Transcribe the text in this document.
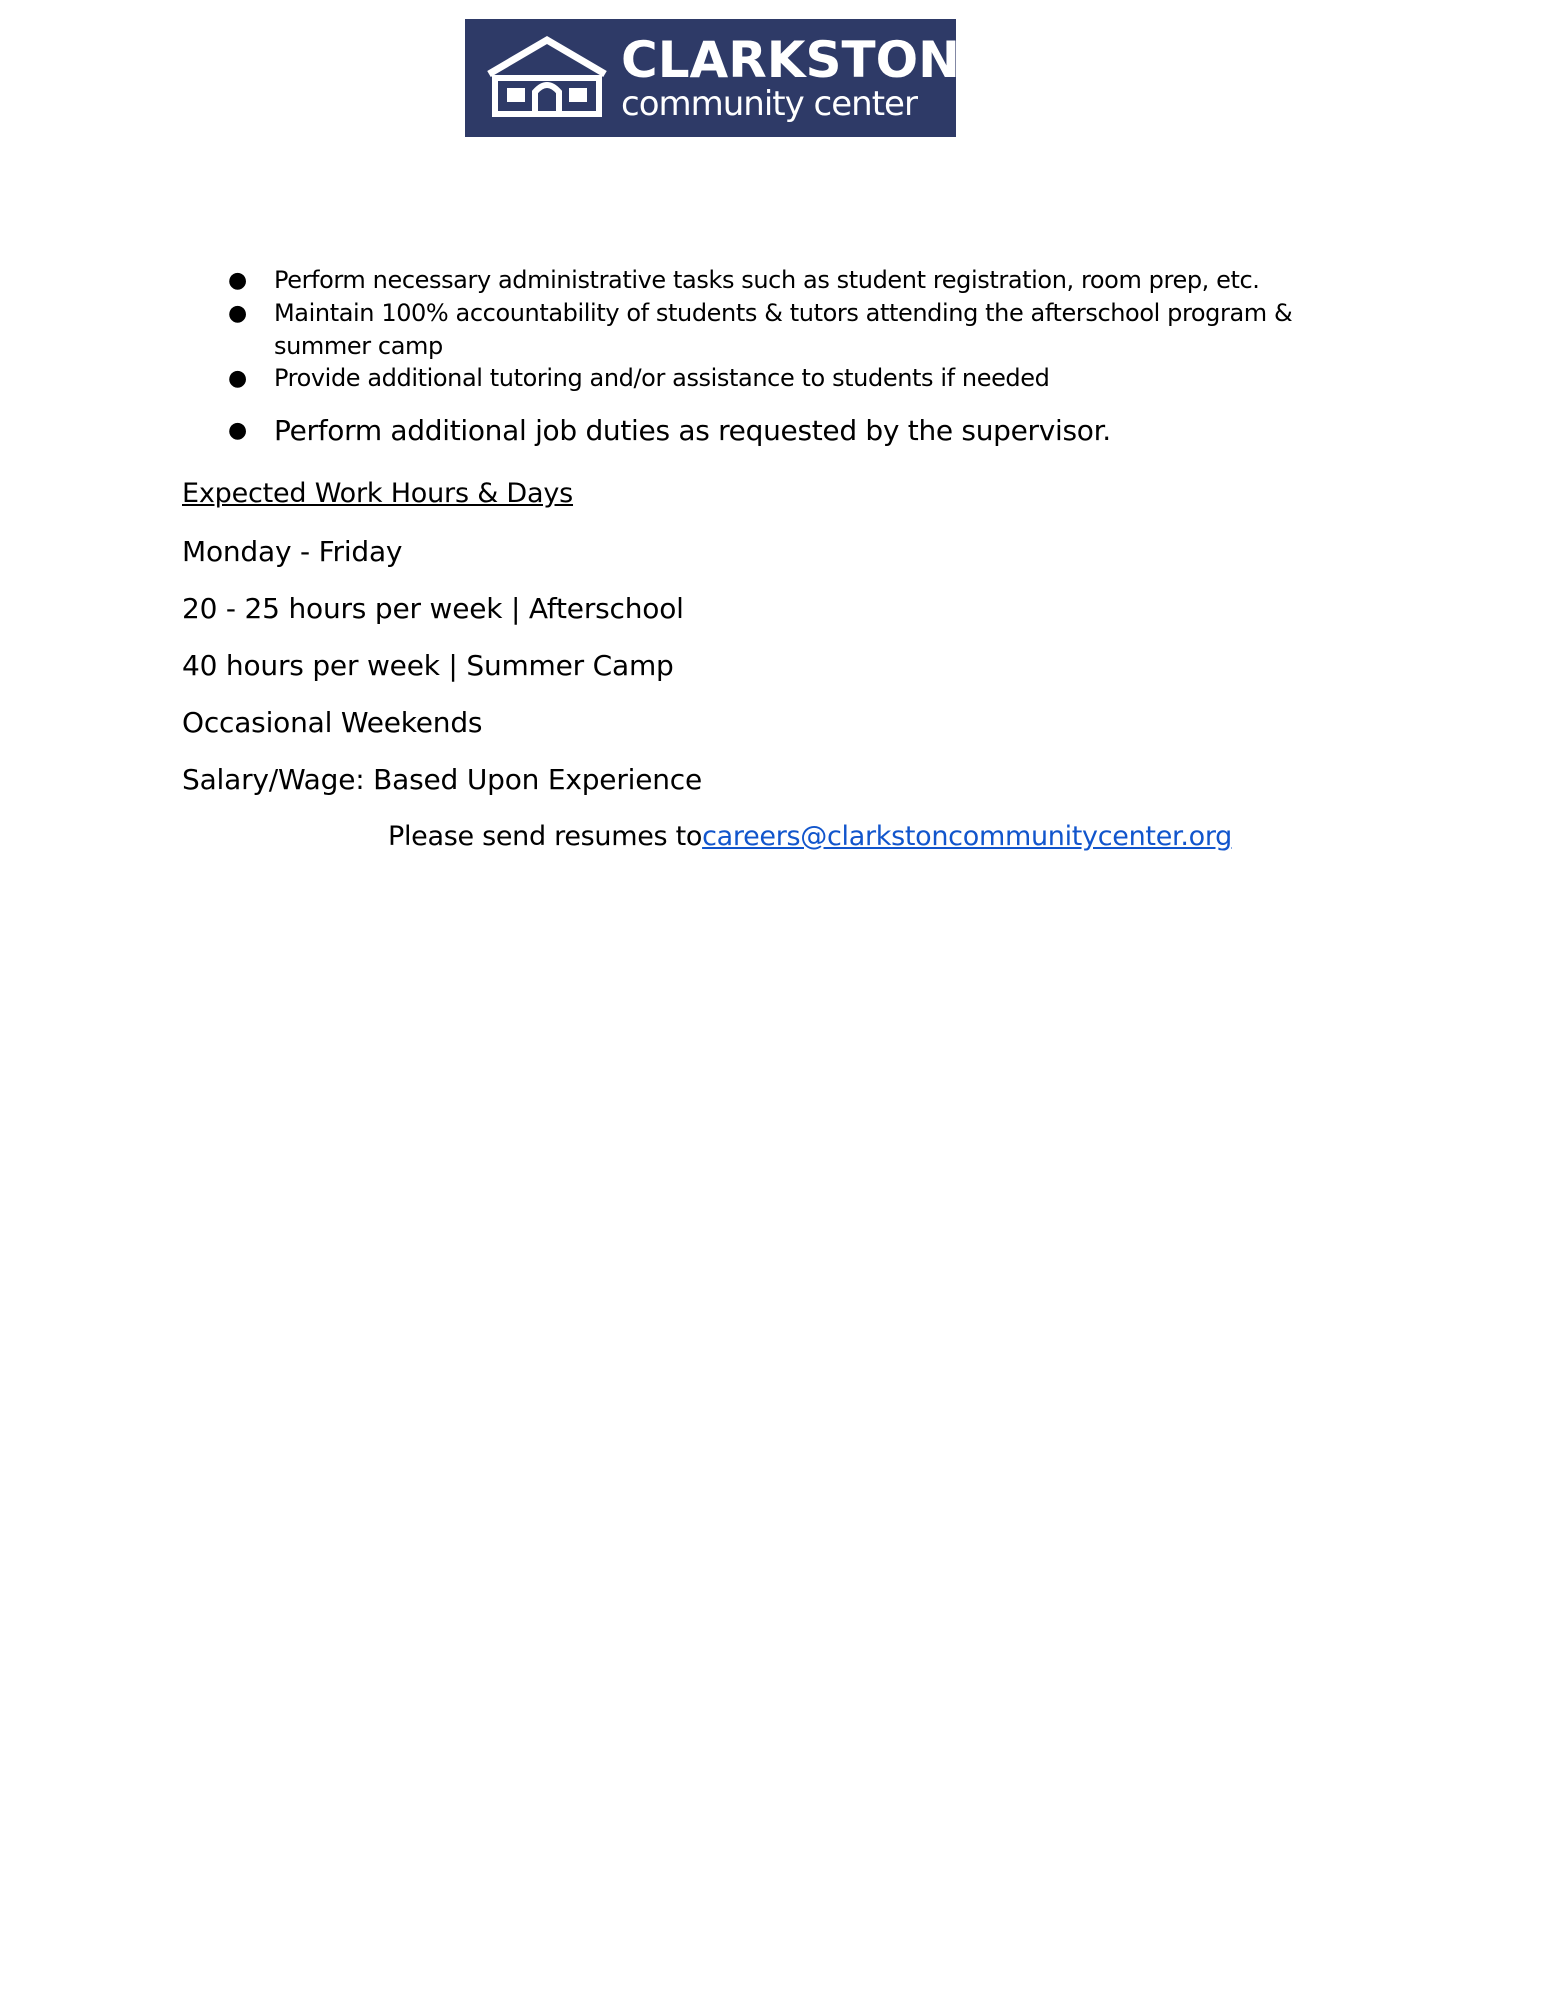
CLARKSTON
community center
●	Perform necessary administrative tasks such as student registration, room prep, etc.
●	Maintain 100% accountability of students & tutors attending the afterschool program & summer camp
●	Provide additional tutoring and/or assistance to students if needed
● Perform additional job duties as requested by the supervisor.
Expected Work Hours & Days
Monday - Friday
20 - 25 hours per week | Afterschool
40 hours per week | Summer Camp
Occasional Weekends
Salary/Wage: Based Upon Experience
Please send resumes tocareers@clarkstoncommunitycenter.org
